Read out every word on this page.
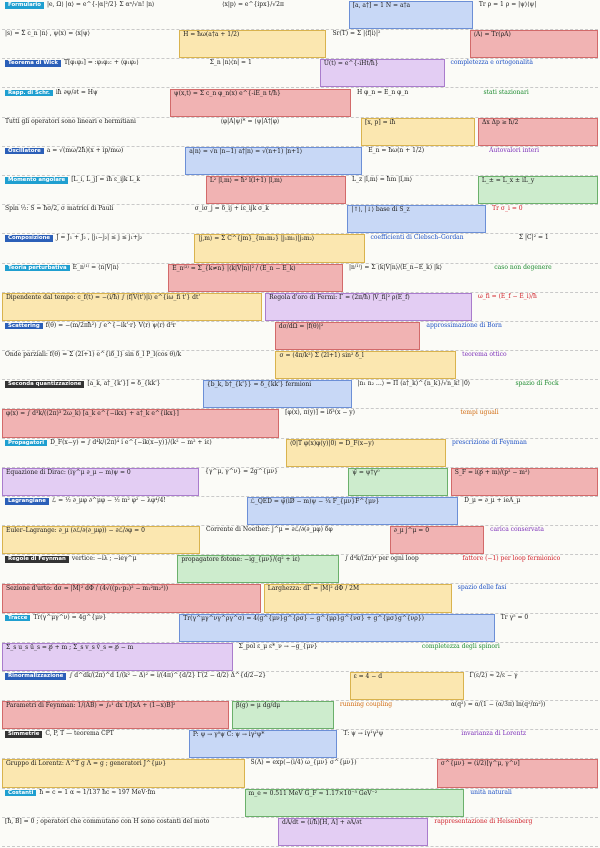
Formulario |e, Ω⟩ |α⟩ = e^{-|α|²/2} Σ αⁿ/√n! |n⟩	⟨x|p⟩ = e^{ipx}/√2π	[a, a†] = 1 N = a†a	Tr ρ = 1 ρ = |ψ⟩⟨ψ|
|s⟩ = Σ c_n |n⟩ , ψ(x) = ⟨x|ψ⟩	H = ħω(a†a + 1/2)	Sr(T) = Σ |⟨f|i⟩|²	⟨A⟩ = Tr(ρA)
Teorema di Wick T[φ₁φ₂] = :φ₁φ₂: + ⟨φ₁φ₂⟩	Σ_n |n⟩⟨n| = 1	U(t) = e^{-iHt/ħ}	completezza e ortogonalità
Rapp. di Schr. iħ ∂ψ/∂t = Hψ	ψ(x,t) = Σ c_n φ_n(x) e^{-iE_n t/ħ}	H φ_n = E_n φ_n	stati stazionari
Tutti gli operatori sono lineari e hermitiani	⟨φ|A|ψ⟩* = ⟨ψ|A†|φ⟩	[x, p] = iħ	Δx Δp ≥ ħ/2
Oscillatore a = √(mω/2ħ)(x + ip/mω)	a|n⟩ = √n |n−1⟩ a†|n⟩ = √(n+1) |n+1⟩	E_n = ħω(n + 1/2)	Autovalori interi
Momento angolare [L_i, L_j] = iħ ε_ijk L_k	L² |l,m⟩ = ħ² l(l+1) |l,m⟩	L_z |l,m⟩ = ħm |l,m⟩	L_± = L_x ± iL_y
Spin ½: S = ħσ/2, σ matrici di Pauli	σ_iσ_j = δ_ij + iε_ijk σ_k	|↑⟩, |↓⟩ base di S_z	Tr σ_i = 0
Composizione J = J₁ + J₂ , |j₁−j₂| ≤ j ≤ j₁+j₂	|j,m⟩ = Σ C^{jm}_{m₁m₂} |j₁m₁⟩|j₂m₂⟩	coefficienti di Clebsch–Gordan	Σ |C|² = 1
Teoria perturbativa E_n⁽¹⁾ = ⟨n|V|n⟩	E_n⁽²⁾ = Σ_{k≠n} |⟨k|V|n⟩|² / (E_n − E_k)	|n⁽¹⁾⟩ = Σ ⟨k|V|n⟩/(E_n−E_k) |k⟩	caso non degenere
Dipendente dal tempo: c_f(t) = −(i/ħ) ∫ ⟨f|V(t')|i⟩ e^{iω_fi t'} dt'	Regola d'oro di Fermi: Γ = (2π/ħ) |V_fi|² ρ(E_f)	ω_fi = (E_f − E_i)/ħ
Scattering f(θ) = −(m/2πħ²) ∫ e^{−ik'·r} V(r) ψ(r) d³r	dσ/dΩ = |f(θ)|²	approssimazione di Born
Onde parziali: f(θ) = Σ (2l+1) e^{iδ_l} sin δ_l P_l(cos θ)/k	σ = (4π/k²) Σ (2l+1) sin² δ_l	teorema ottico
Seconda quantizzazione [a_k, a†_{k'}] = δ_{kk'}	{b_k, b†_{k'}} = δ_{kk'} fermioni	|n₁ n₂ …⟩ = Π (a†_k)^{n_k}/√n_k! |0⟩	spazio di Fock
φ(x) = ∫ d³k/((2π)³ 2ω_k) [a_k e^{−ikx} + a†_k e^{ikx}]	[φ(x), π(y)] = iδ³(x − y)	tempi uguali
Propagatori D_F(x−y) = ∫ d⁴k/(2π)⁴ i e^{−ik(x−y)}/(k² − m² + iε)	⟨0|T φ(x)φ(y)|0⟩ = D_F(x−y)	prescrizione di Feynman
Equazione di Dirac: (iγ^μ ∂_μ − m)ψ = 0	{γ^μ, γ^ν} = 2g^{μν}	ψ̄ = ψ†γ⁰	S_F = i(p̸ + m)/(p² − m²)
Lagrangiane ℒ = ½ ∂_μφ ∂^μφ − ½ m² φ² − λφ⁴/4!	ℒ_QED = ψ̄(iD̸ − m)ψ − ¼ F_{μν}F^{μν}	D_μ = ∂_μ + ieA_μ
Euler–Lagrange: ∂_μ (∂ℒ/∂(∂_μφ)) − ∂ℒ/∂φ = 0	Corrente di Noether: j^μ = ∂ℒ/∂(∂_μφ) δφ	∂_μ j^μ = 0	carica conservata
Regole di Feynman vertice: −iλ ; −ieγ^μ	propagatore fotone: −ig_{μν}/(q² + iε)	∫ d⁴k/(2π)⁴ per ogni loop	fattore (−1) per loop fermionico
Sezione d'urto: dσ = |M|² dΦ / (4√((p₁·p₂)² − m₁²m₂²))	Larghezza: dΓ = |M|² dΦ / 2M	spazio delle fasi
Tracce Tr(γ^μγ^ν) = 4g^{μν}	Tr(γ^μγ^νγ^ργ^σ) = 4(g^{μν}g^{ρσ} − g^{μρ}g^{νσ} + g^{μσ}g^{νρ})	Tr γ⁵ = 0
Σ_s u_s ū_s = p̸ + m ; Σ_s v_s v̄_s = p̸ − m	Σ_pol ε_μ ε*_ν → −g_{μν}	completezza degli spinori
Rinormalizzazione ∫ d^dk/(2π)^d 1/(k² − Δ)² = i/(4π)^{d/2} Γ(2 − d/2) Δ^{d/2−2}	ε = 4 − d	Γ(ε/2) ≈ 2/ε − γ
Parametri di Feynman: 1/(AB) = ∫₀¹ dx 1/[xA + (1−x)B]²	β(g) = μ dg/dμ	running coupling	α(q²) = α/(1 − (α/3π) ln(q²/m²))
Simmetrie C, P, T — teorema CPT	P: ψ → γ⁰ψ C: ψ → iγ²ψ*	T: ψ → iγ¹γ³ψ	invarianza di Lorentz
Gruppo di Lorentz: Λ^T g Λ = g ; generatori J^{μν}	S(Λ) = exp(−(i/4) ω_{μν} σ^{μν})	σ^{μν} = (i/2)[γ^μ, γ^ν]
Costanti ħ = c = 1 α ≈ 1/137 ħc ≈ 197 MeV·fm	m_e ≈ 0.511 MeV G_F ≈ 1.17×10⁻⁵ GeV⁻²	unità naturali
[ħ, B] = 0 ; operatori che commutano con H sono costanti del moto	dA/dt = (i/ħ)[H, A] + ∂A/∂t	rappresentazione di Heisenberg
